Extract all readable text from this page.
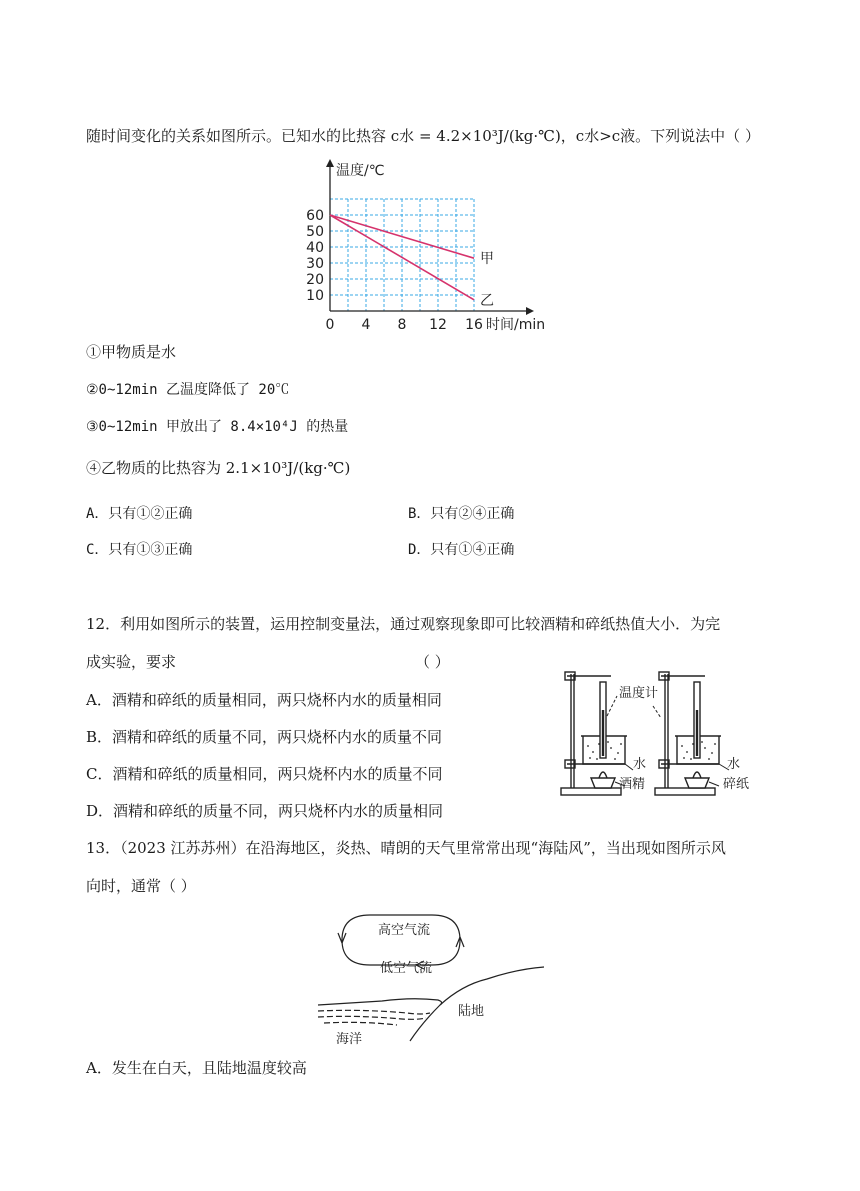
随时间变化的关系如图所示。已知水的比热容 c水 = 4.2×10³J/(kg·℃)，c水>c液。下列说法中（ ）
甲
乙
0 4 8 12 16
10
20
30
40
50
60
温度/℃
时间/min
①甲物质是水
②0~12min 乙温度降低了 20℃
③0~12min 甲放出了 8.4×10⁴J 的热量
④乙物质的比热容为 2.1×10³J/(kg·℃)
A．只有①②正确	B．只有②④正确
C．只有①③正确	D．只有①④正确
12．利用如图所示的装置，运用控制变量法，通过观察现象即可比较酒精和碎纸热值大小．为完
成实验，要求	（ ）
A．酒精和碎纸的质量相同，两只烧杯内水的质量相同
B．酒精和碎纸的质量不同，两只烧杯内水的质量不同
C．酒精和碎纸的质量相同，两只烧杯内水的质量不同
D．酒精和碎纸的质量不同，两只烧杯内水的质量相同
温度计
水	水
酒精	碎纸
13．（2023 江苏苏州）在沿海地区，炎热、晴朗的天气里常常出现“海陆风”，当出现如图所示风
向时，通常（ ）
高空气流
低空气流
陆地
海洋
A．发生在白天，且陆地温度较高
